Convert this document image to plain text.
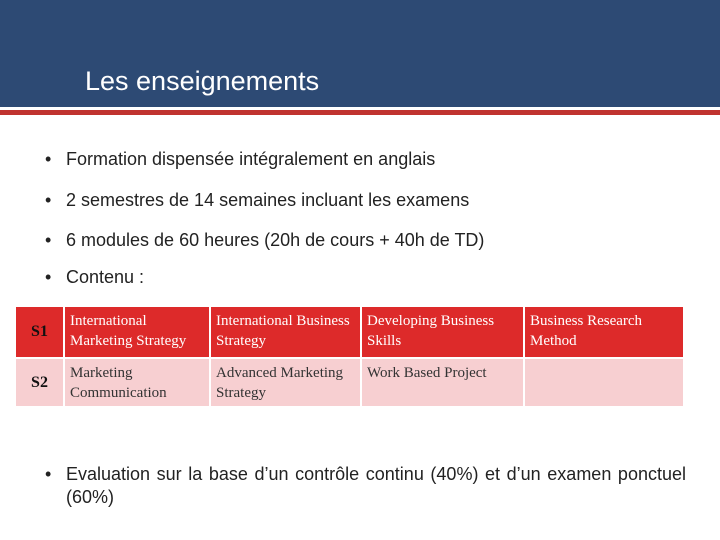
Les enseignements
• Formation dispensée intégralement en anglais
• 2 semestres de 14 semaines incluant les examens
• 6 modules de 60 heures (20h de cours + 40h de TD)
• Contenu :
S1	International Marketing Strategy	International Business Strategy	Developing Business Skills	Business Research Method
S2	Marketing Communication	Advanced Marketing Strategy	Work Based Project	
• Evaluation sur la base d’un contrôle continu (40%) et d’un examen ponctuel (60%)
